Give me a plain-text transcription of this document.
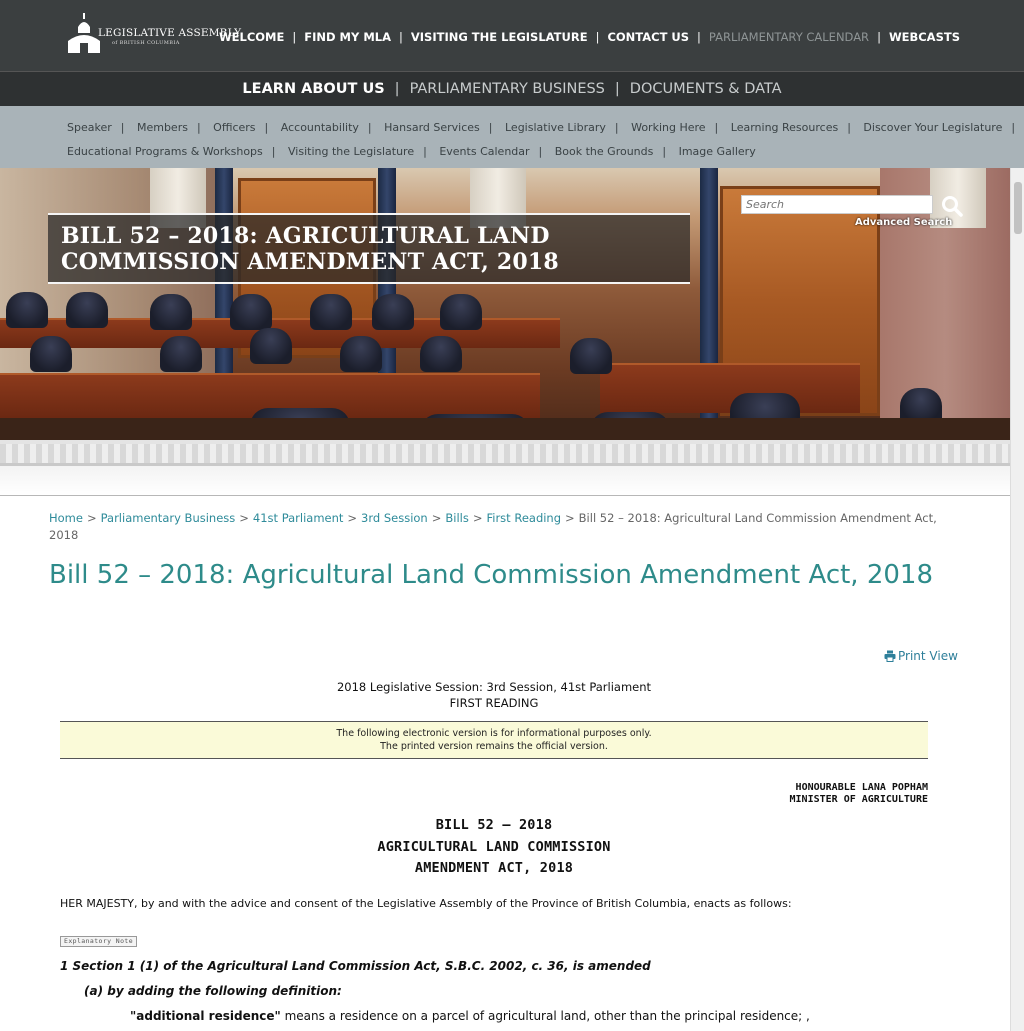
LEGISLATIVE ASSEMBLY
of BRITISH COLUMBIA	WELCOME | FIND MY MLA | VISITING THE LEGISLATURE | CONTACT US | PARLIAMENTARY CALENDAR | WEBCASTS
LEARN ABOUT US | PARLIAMENTARY BUSINESS | DOCUMENTS & DATA
Speaker | Members | Officers | Accountability | Hansard Services | Legislative Library | Working Here | Learning Resources | Discover Your Legislature |
Educational Programs & Workshops | Visiting the Legislature | Events Calendar | Book the Grounds | Image Gallery
BILL 52 – 2018: AGRICULTURAL LAND
COMMISSION AMENDMENT ACT, 2018
Search
Advanced Search
Home > Parliamentary Business > 41st Parliament > 3rd Session > Bills > First Reading > Bill 52 – 2018: Agricultural Land Commission Amendment Act, 2018
Bill 52 – 2018: Agricultural Land Commission Amendment Act, 2018
Print View
2018 Legislative Session: 3rd Session, 41st Parliament
FIRST READING
The following electronic version is for informational purposes only.
The printed version remains the official version.
HONOURABLE LANA POPHAM
MINISTER OF AGRICULTURE
BILL 52 – 2018
AGRICULTURAL LAND COMMISSION
AMENDMENT ACT, 2018
HER MAJESTY, by and with the advice and consent of the Legislative Assembly of the Province of British Columbia, enacts as follows:
Explanatory Note
1 Section 1 (1) of the Agricultural Land Commission Act, S.B.C. 2002, c. 36, is amended
(a) by adding the following definition:
"additional residence" means a residence on a parcel of agricultural land, other than the principal residence; ,
